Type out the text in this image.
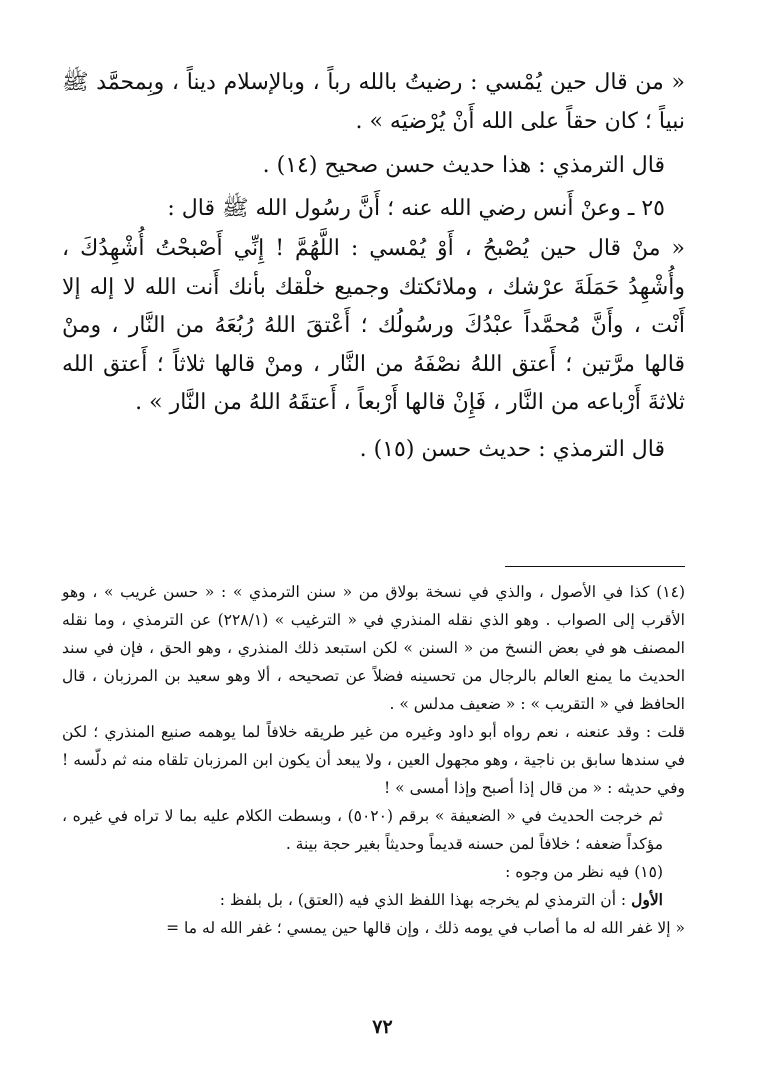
« من قال حين يُمْسي : رضيتُ بالله رباً ، وبالإسلام ديناً ، وبِمحمَّد ﷺ نبياً ؛ كان حقاً على الله أَنْ يُرْضيَه » .

قال الترمذي : هذا حديث حسن صحيح (١٤) .

٢٥ ـ وعنْ أَنس رضي الله عنه ؛ أَنَّ رسُول الله ﷺ قال :

« منْ قال حين يُصْبحُ ، أَوْ يُمْسي : اللَّهُمَّ ! إِنِّي أَصْبحْتُ أُشْهِدُكَ ، وأُشْهِدُ حَمَلَةَ عرْشك ، وملائكتك وجميع خلْقك بأنك أَنت الله لا إله إلا أَنْت ، وأَنَّ مُحمَّداً عبْدُكَ ورسُولُك ؛ أَعْتقَ اللهُ رُبُعَهُ من النَّار ، ومنْ قالها مرَّتين ؛ أَعتق اللهُ نصْفَهُ من النَّار ، ومنْ قالها ثلاثاً ؛ أَعتق الله ثلاثةَ أَرْباعه من النَّار ، فَإِنْ قالها أَرْبعاً ، أَعتقَهُ اللهُ من النَّار » .

قال الترمذي : حديث حسن (١٥) .

(١٤) كذا في الأصول ، والذي في نسخة بولاق من « سنن الترمذي » : « حسن غريب » ، وهو الأقرب إلى الصواب . وهو الذي نقله المنذري في « الترغيب » (٢٢٨/١) عن الترمذي ، وما نقله المصنف هو في بعض النسخ من « السنن » لكن استبعد ذلك المنذري ، وهو الحق ، فإن في سند الحديث ما يمنع العالم بالرجال من تحسينه فضلاً عن تصحيحه ، ألا وهو سعيد بن المرزبان ، قال الحافظ في « التقريب » : « ضعيف مدلس » .

قلت : وقد عنعنه ، نعم رواه أبو داود وغيره من غير طريقه خلافاً لما يوهمه صنيع المنذري ؛ لكن في سندها سابق بن ناجية ، وهو مجهول العين ، ولا يبعد أن يكون ابن المرزبان تلقاه منه ثم دلّسه ! وفي حديثه : « من قال إذا أصبح وإذا أمسى » !

ثم خرجت الحديث في « الضعيفة » برقم (٥٠٢٠) ، وبسطت الكلام عليه بما لا تراه في غيره ، مؤكداً ضعفه ؛ خلافاً لمن حسنه قديماً وحديثاً بغير حجة بينة .

(١٥) فيه نظر من وجوه :

الأول : أن الترمذي لم يخرجه بهذا اللفظ الذي فيه (العتق) ، بل بلفظ :

« إلا غفر الله له ما أصاب في يومه ذلك ، وإن قالها حين يمسي ؛ غفر الله له ما =

٧٢
